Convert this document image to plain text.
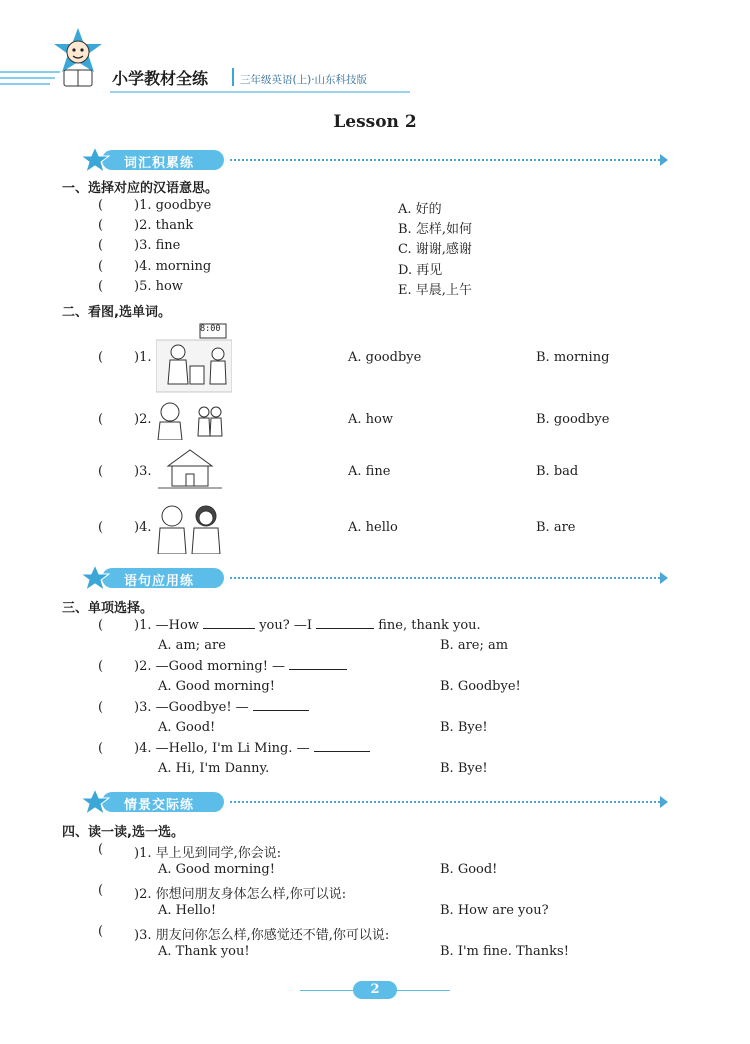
小学教材全练	三年级英语(上)·山东科技版
Lesson 2
词汇积累练
一、选择对应的汉语意思。
( )1. goodbye	A. 好的
( )2. thank	B. 怎样,如何
( )3. fine	C. 谢谢,感谢
( )4. morning	D. 再见
( )5. how	E. 早晨,上午
二、看图,选单词。
8:00
( )1.	A. goodbye	B. morning
( )2.	A. how	B. goodbye
( )3.	A. fine	B. bad
( )4.	A. hello	B. are
语句应用练
三、单项选择。
( )1. —How	you? —I	fine, thank you.
A. am; are	B. are; am
( )2. —Good morning! —
A. Good morning!	B. Goodbye!
( )3. —Goodbye! —
A. Good!	B. Bye!
( )4. —Hello, I'm Li Ming. —
A. Hi, I'm Danny.	B. Bye!
情景交际练
四、读一读,选一选。
( )1. 早上见到同学,你会说:
A. Good morning!	B. Good!
( )2. 你想问朋友身体怎么样,你可以说:
A. Hello!	B. How are you?
( )3. 朋友问你怎么样,你感觉还不错,你可以说:
A. Thank you!	B. I'm fine. Thanks!
2
